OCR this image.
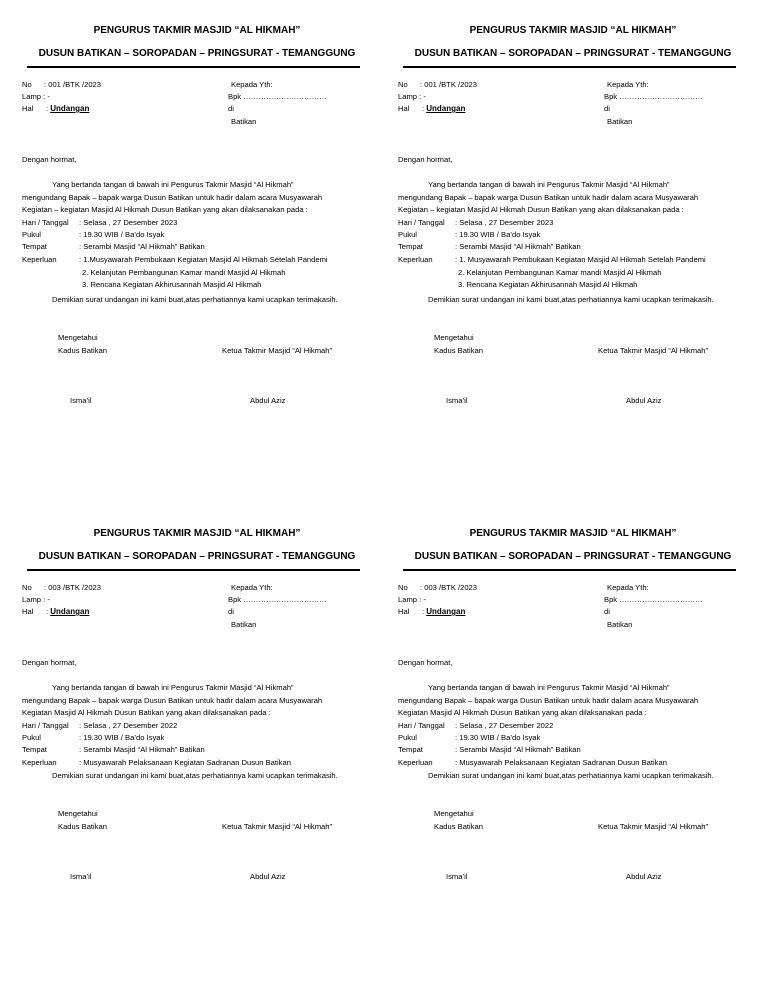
PENGURUS TAKMIR MASJID “AL HIKMAH”
DUSUN BATIKAN – SOROPADAN – PRINGSURAT - TEMANGGUNG
No : 001 /BTK /2023
Lamp : -
Hal : Undangan
Kepada Yth:
Bpk ……………………………
di
Batikan
Dengan hormat,
Yang bertanda tangan di bawah ini Pengurus Takmir Masjid “Al Hikmah”
mengundang Bapak – bapak warga Dusun Batikan untuk hadir dalam acara Musyawarah
Kegiatan – kegiatan Masjid Al Hikmah Dusun Batikan yang akan dilaksanakan pada :
Hari / Tanggal : Selasa , 27 Desember 2023
Pukul	: 19.30 WIB / Ba’do Isyak
Tempat	: Serambi Masjid “Al Hikmah” Batikan
Keperluan	: 1.Musyawarah Pembukaan Kegiatan Masjid Al Hikmah Setelah Pandemi
2. Kelanjutan Pembangunan Kamar mandi Masjid Al Hikmah
3. Rencana Kegiatan Akhirusannah Masjid Al Hikmah
Demikian surat undangan ini kami buat,atas perhatiannya kami ucapkan terimakasih.
Mengetahui
Kadus Batikan	Ketua Takmir Masjid “Al Hikmah”
Isma’il	Abdul Aziz
PENGURUS TAKMIR MASJID “AL HIKMAH”
DUSUN BATIKAN – SOROPADAN – PRINGSURAT - TEMANGGUNG
No : 001 /BTK /2023
Lamp : -
Hal : Undangan
Kepada Yth:
Bpk ……………………………
di
Batikan
Dengan hormat,
Yang bertanda tangan di bawah ini Pengurus Takmir Masjid “Al Hikmah”
mengundang Bapak – bapak warga Dusun Batikan untuk hadir dalam acara Musyawarah
Kegiatan – kegiatan Masjid Al Hikmah Dusun Batikan yang akan dilaksanakan pada :
Hari / Tanggal : Selasa , 27 Desember 2023
Pukul	: 19.30 WIB / Ba’do Isyak
Tempat	: Serambi Masjid “Al Hikmah” Batikan
Keperluan	: 1. Musyawarah Pembukaan Kegiatan Masjid Al Hikmah Setelah Pandemi
2. Kelanjutan Pembangunan Kamar mandi Masjid Al Hikmah
3. Rencana Kegiatan Akhirusannah Masjid Al Hikmah
Demikian surat undangan ini kami buat,atas perhatiannya kami ucapkan terimakasih.
Mengetahui
Kadus Batikan	Ketua Takmir Masjid “Al Hikmah”
Isma’il	Abdul Aziz
PENGURUS TAKMIR MASJID “AL HIKMAH”
DUSUN BATIKAN – SOROPADAN – PRINGSURAT - TEMANGGUNG
No : 003 /BTK /2023
Lamp : -
Hal : Undangan
Kepada Yth:
Bpk ……………………………
di
Batikan
Dengan hormat,
Yang bertanda tangan di bawah ini Pengurus Takmir Masjid “Al Hikmah”
mengundang Bapak – bapak warga Dusun Batikan untuk hadir dalam acara Musyawarah
Kegiatan Masjid Al Hikmah Dusun Batikan yang akan dilaksanakan pada :
Hari / Tanggal : Selasa , 27 Desember 2022
Pukul	: 19.30 WIB / Ba’do Isyak
Tempat	: Serambi Masjid “Al Hikmah” Batikan
Keperluan	: Musyawarah Pelaksanaan Kegiatan Sadranan Dusun Batikan
Demikian surat undangan ini kami buat,atas perhatiannya kami ucapkan terimakasih.
Mengetahui
Kadus Batikan	Ketua Takmir Masjid “Al Hikmah”
Isma’il	Abdul Aziz
PENGURUS TAKMIR MASJID “AL HIKMAH”
DUSUN BATIKAN – SOROPADAN – PRINGSURAT - TEMANGGUNG
No : 003 /BTK /2023
Lamp : -
Hal : Undangan
Kepada Yth:
Bpk ……………………………
di
Batikan
Dengan hormat,
Yang bertanda tangan di bawah ini Pengurus Takmir Masjid “Al Hikmah”
mengundang Bapak – bapak warga Dusun Batikan untuk hadir dalam acara Musyawarah
Kegiatan Masjid Al Hikmah Dusun Batikan yang akan dilaksanakan pada :
Hari / Tanggal : Selasa , 27 Desember 2022
Pukul	: 19.30 WIB / Ba’do Isyak
Tempat	: Serambi Masjid “Al Hikmah” Batikan
Keperluan	: Musyawarah Pelaksanaan Kegiatan Sadranan Dusun Batikan
Demikian surat undangan ini kami buat,atas perhatiannya kami ucapkan terimakasih.
Mengetahui
Kadus Batikan	Ketua Takmir Masjid “Al Hikmah”
Isma’il	Abdul Aziz
